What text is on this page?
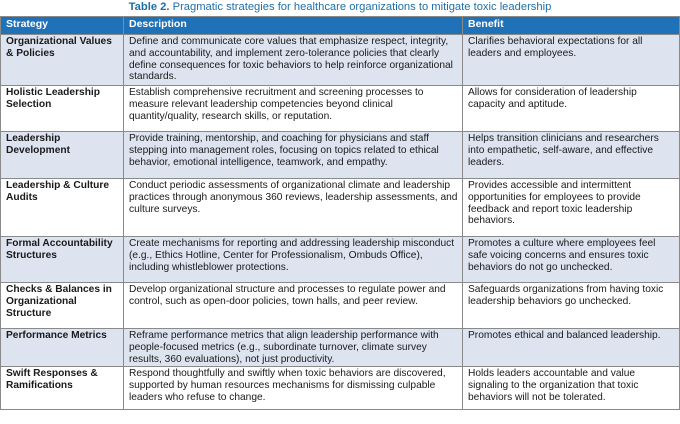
Table 2. Pragmatic strategies for healthcare organizations to mitigate toxic leadership
Strategy	Description	Benefit
Organizational Values & Policies	Define and communicate core values that emphasize respect, integrity, and accountability, and implement zero-tolerance policies that clearly define consequences for toxic behaviors to help reinforce organizational standards.	Clarifies behavioral expectations for all leaders and employees.
Holistic Leadership Selection	Establish comprehensive recruitment and screening processes to measure relevant leadership competencies beyond clinical quantity/quality, research skills, or reputation.	Allows for consideration of leadership capacity and aptitude.
Leadership Development	Provide training, mentorship, and coaching for physicians and staff stepping into management roles, focusing on topics related to ethical behavior, emotional intelligence, teamwork, and empathy.	Helps transition clinicians and researchers into empathetic, self-aware, and effective leaders.
Leadership & Culture Audits	Conduct periodic assessments of organizational climate and leadership practices through anonymous 360 reviews, leadership assessments, and culture surveys.	Provides accessible and intermittent opportunities for employees to provide feedback and report toxic leadership behaviors.
Formal Accountability Structures	Create mechanisms for reporting and addressing leadership misconduct (e.g., Ethics Hotline, Center for Professionalism, Ombuds Office), including whistleblower protections.	Promotes a culture where employees feel safe voicing concerns and ensures toxic behaviors do not go unchecked.
Checks & Balances in Organizational Structure	Develop organizational structure and processes to regulate power and control, such as open-door policies, town halls, and peer review.	Safeguards organizations from having toxic leadership behaviors go unchecked.
Performance Metrics	Reframe performance metrics that align leadership performance with people-focused metrics (e.g., subordinate turnover, climate survey results, 360 evaluations), not just productivity.	Promotes ethical and balanced leadership.
Swift Responses & Ramifications	Respond thoughtfully and swiftly when toxic behaviors are discovered, supported by human resources mechanisms for dismissing culpable leaders who refuse to change.	Holds leaders accountable and value signaling to the organization that toxic behaviors will not be tolerated.
